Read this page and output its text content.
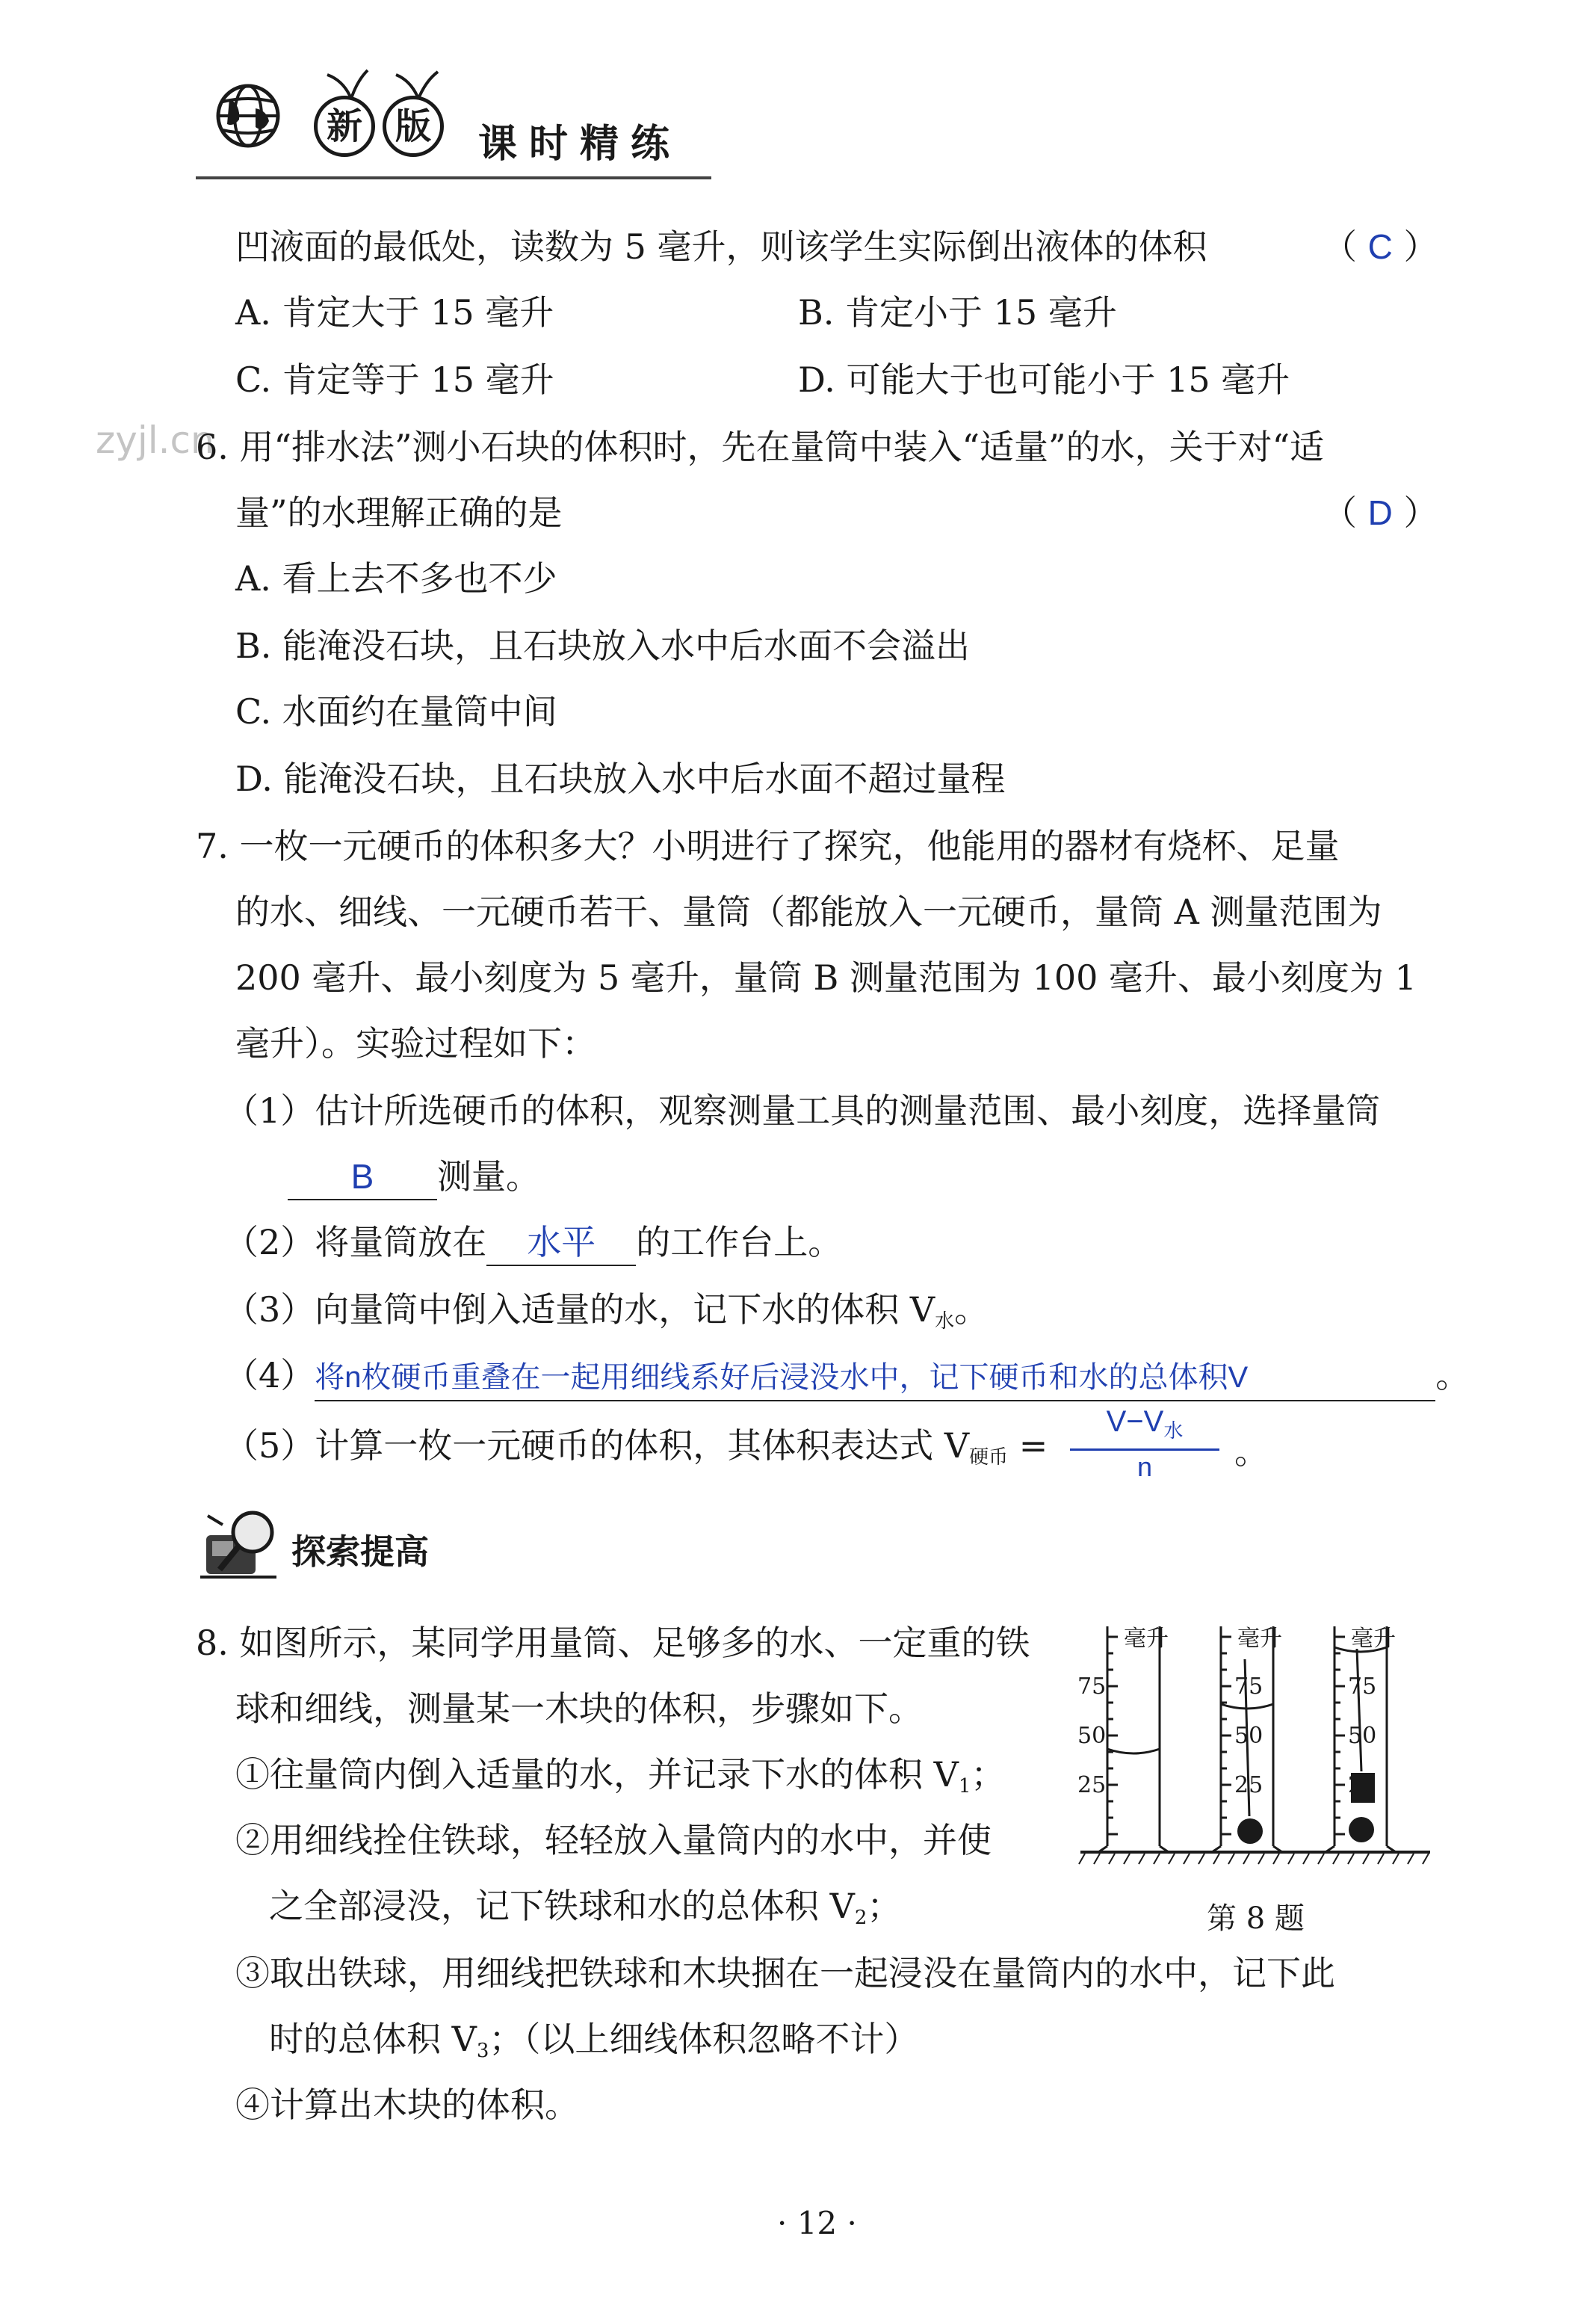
新 版	课时精练
zyjl.cn
凹液面的最低处，读数为 5 毫升，则该学生实际倒出液体的体积	（ C ）
A. 肯定大于 15 毫升	B. 肯定小于 15 毫升
C. 肯定等于 15 毫升	D. 可能大于也可能小于 15 毫升
6. 用“排水法”测小石块的体积时，先在量筒中装入“适量”的水，关于对“适
量”的水理解正确的是	（ D ）
A. 看上去不多也不少
B. 能淹没石块，且石块放入水中后水面不会溢出
C. 水面约在量筒中间
D. 能淹没石块，且石块放入水中后水面不超过量程
7. 一枚一元硬币的体积多大？小明进行了探究，他能用的器材有烧杯、足量
的水、细线、一元硬币若干、量筒（都能放入一元硬币，量筒 A 测量范围为
200 毫升、最小刻度为 5 毫升，量筒 B 测量范围为 100 毫升、最小刻度为 1
毫升）。实验过程如下：
（1）估计所选硬币的体积，观察测量工具的测量范围、最小刻度，选择量筒
B 测量。
（2）将量筒放在 水平 的工作台上。
（3）向量筒中倒入适量的水，记下水的体积 $V_水$。
（4）将n枚硬币重叠在一起用细线系好后浸没水中，记下硬币和水的总体积V	。
（5）计算一枚一元硬币的体积，其体积表达式 $V_{硬币}$ =
$V-V_水$
n	。
探索提高
8. 如图所示，某同学用量筒、足够多的水、一定重的铁
球和细线，测量某一木块的体积，步骤如下。
①往量筒内倒入适量的水，并记录下水的体积 $V_1$；
②用细线拴住铁球，轻轻放入量筒内的水中，并使
之全部浸没，记下铁球和水的总体积 $V_2$；
③取出铁球，用细线把铁球和木块捆在一起浸没在量筒内的水中，记下此
时的总体积 $V_3$；（以上细线体积忽略不计）
④计算出木块的体积。
毫升	毫升	毫升
75
50
25
75
50
25
75
50
25
第 8 题
· 12 ·
